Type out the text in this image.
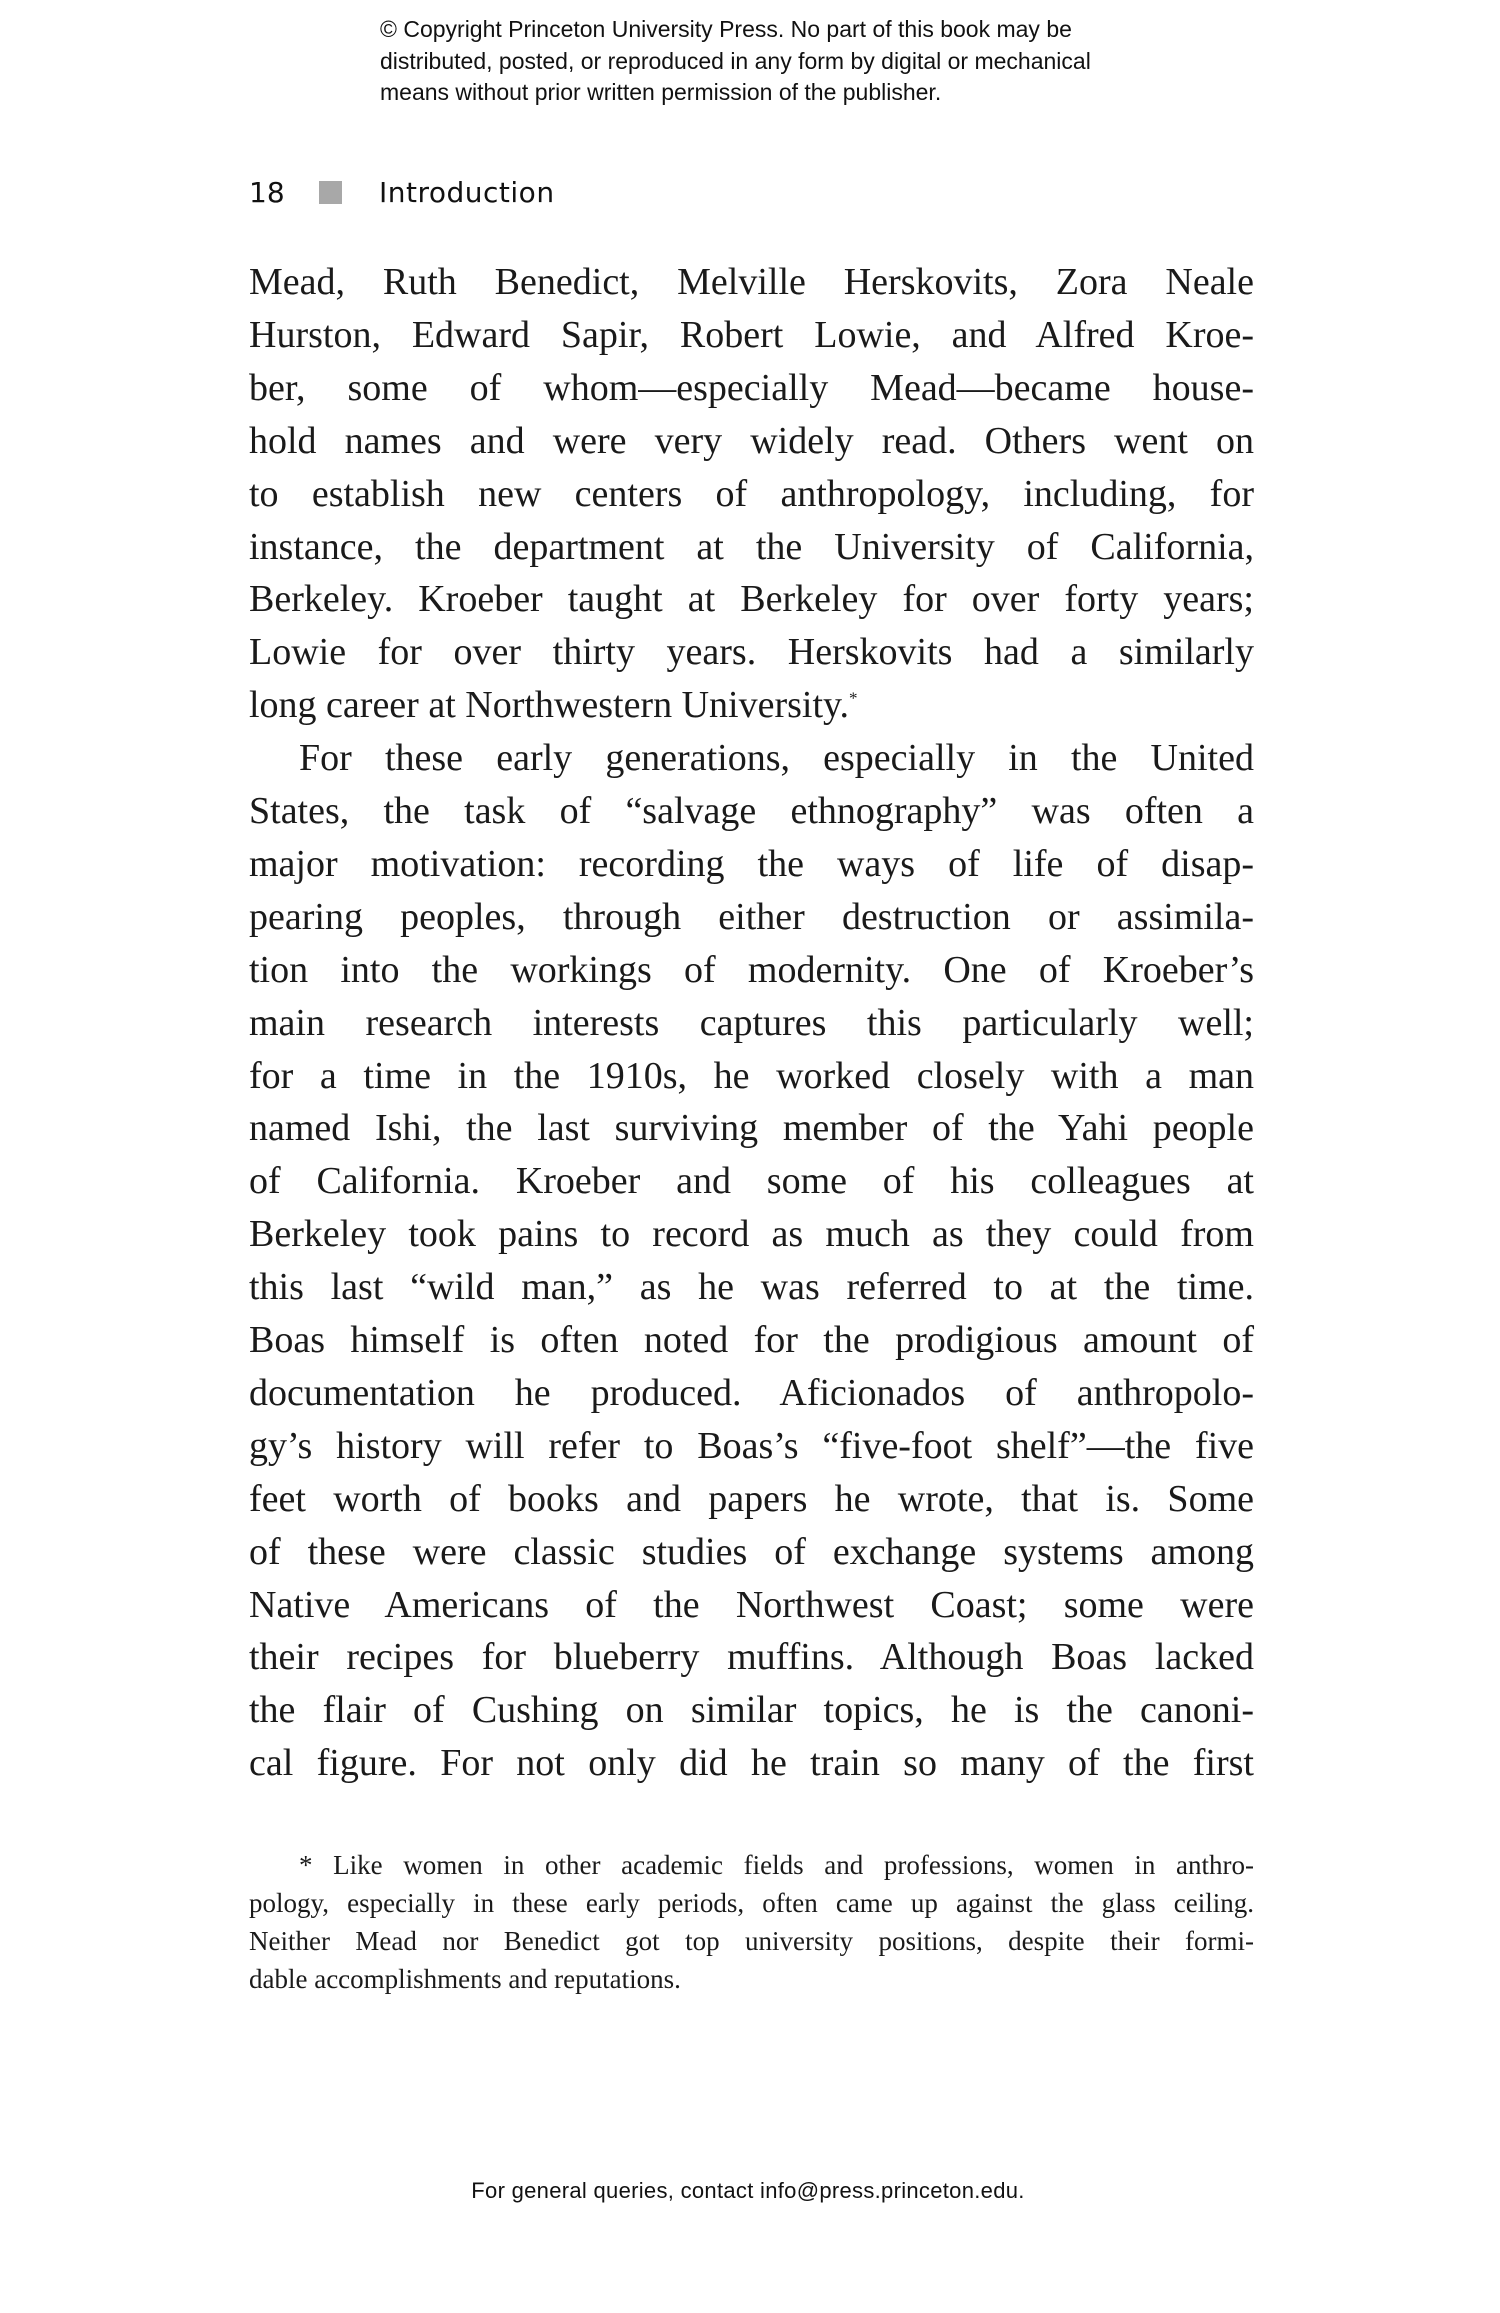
© Copyright Princeton University Press. No part of this book may be
distributed, posted, or reproduced in any form by digital or mechanical
means without prior written permission of the publisher.
18	Introduction
Mead, Ruth Benedict, Melville Herskovits, Zora Neale
Hurston, Edward Sapir, Robert Lowie, and Alfred Kroe-
ber, some of whom—especially Mead—became house-
hold names and were very widely read. Others went on
to establish new centers of anthropology, including, for
instance, the department at the University of California,
Berkeley. Kroeber taught at Berkeley for over forty years;
Lowie for over thirty years. Herskovits had a similarly
long career at Northwestern University.*
For these early generations, especially in the United
States, the task of “salvage ethnography” was often a
major motivation: recording the ways of life of disap-
pearing peoples, through either destruction or assimila-
tion into the workings of modernity. One of Kroeber’s
main research interests captures this particularly well;
for a time in the 1910s, he worked closely with a man
named Ishi, the last surviving member of the Yahi people
of California. Kroeber and some of his colleagues at
Berkeley took pains to record as much as they could from
this last “wild man,” as he was referred to at the time.
Boas himself is often noted for the prodigious amount of
documentation he produced. Aficionados of anthropolo-
gy’s history will refer to Boas’s “five-foot shelf”—the five
feet worth of books and papers he wrote, that is. Some
of these were classic studies of exchange systems among
Native Americans of the Northwest Coast; some were
their recipes for blueberry muffins. Although Boas lacked
the flair of Cushing on similar topics, he is the canoni-
cal figure. For not only did he train so many of the first
* Like women in other academic fields and professions, women in anthro-
pology, especially in these early periods, often came up against the glass ceiling.
Neither Mead nor Benedict got top university positions, despite their formi-
dable accomplishments and reputations.
For general queries, contact info@press.princeton.edu.
